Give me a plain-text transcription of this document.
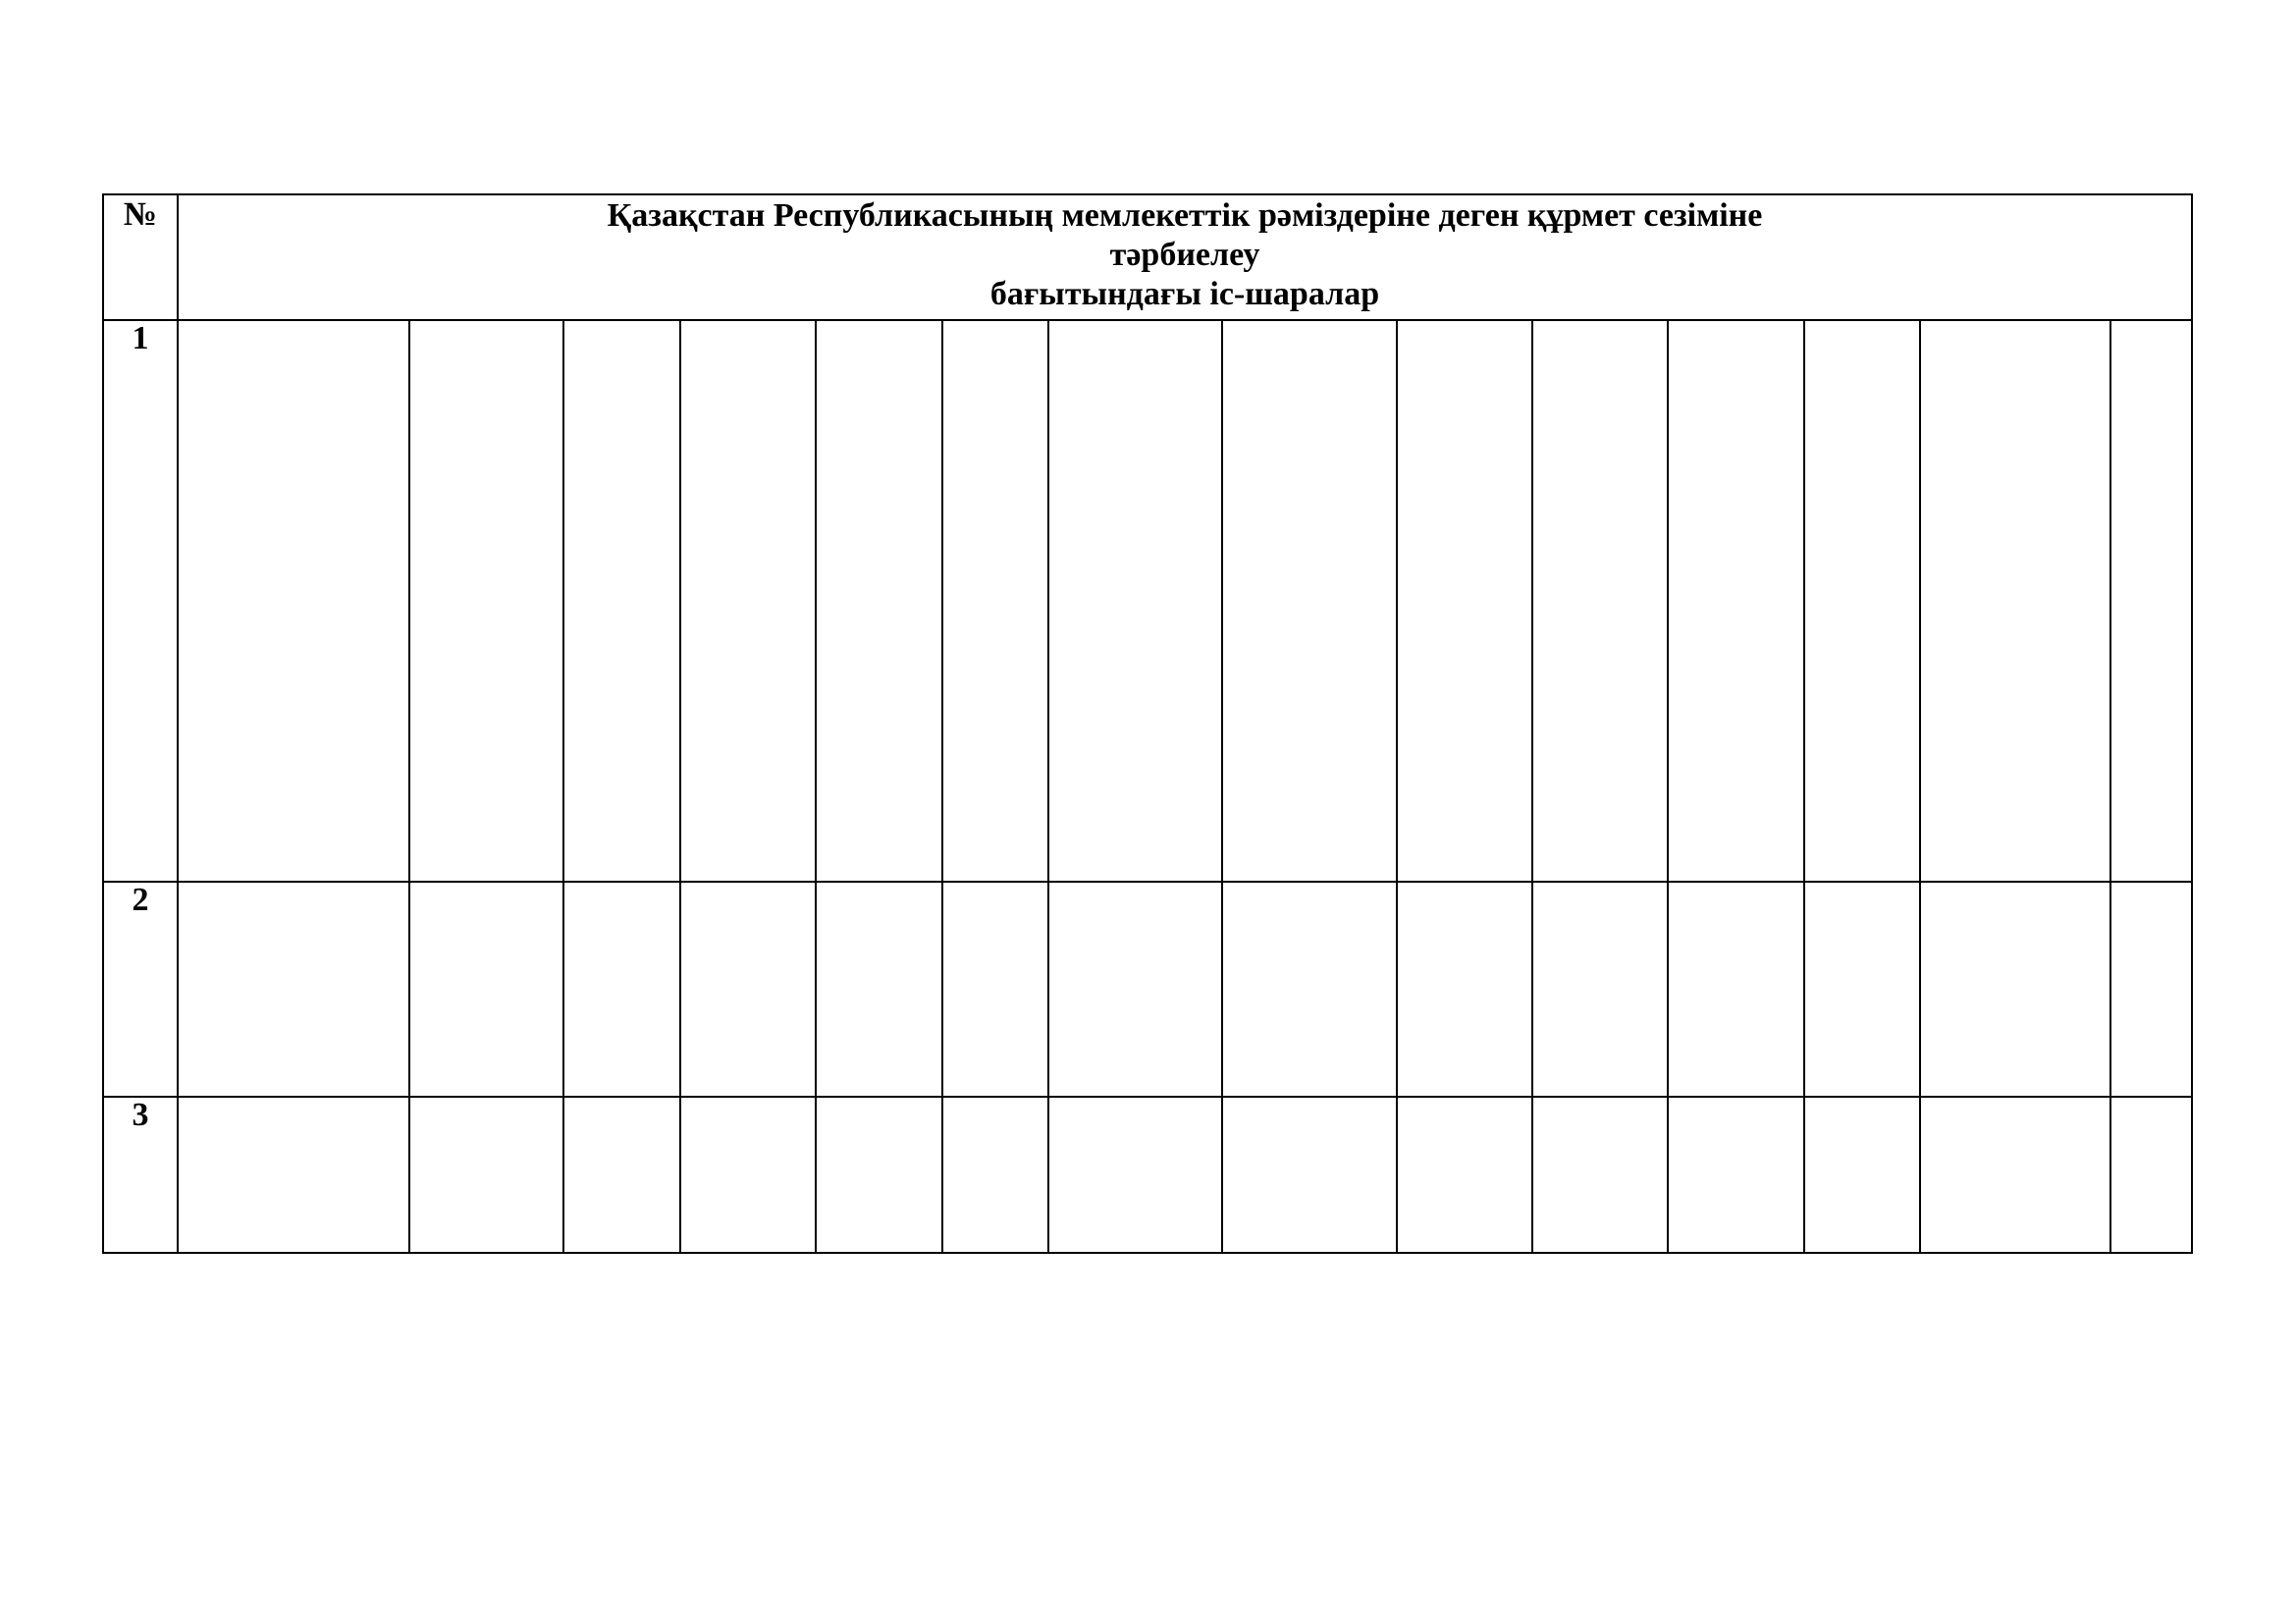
№	Қазақстан Республикасының мемлекеттік рәміздеріне деген құрмет сезіміне
тәрбиелеу
бағытындағы іс-шаралар
1
2
3
